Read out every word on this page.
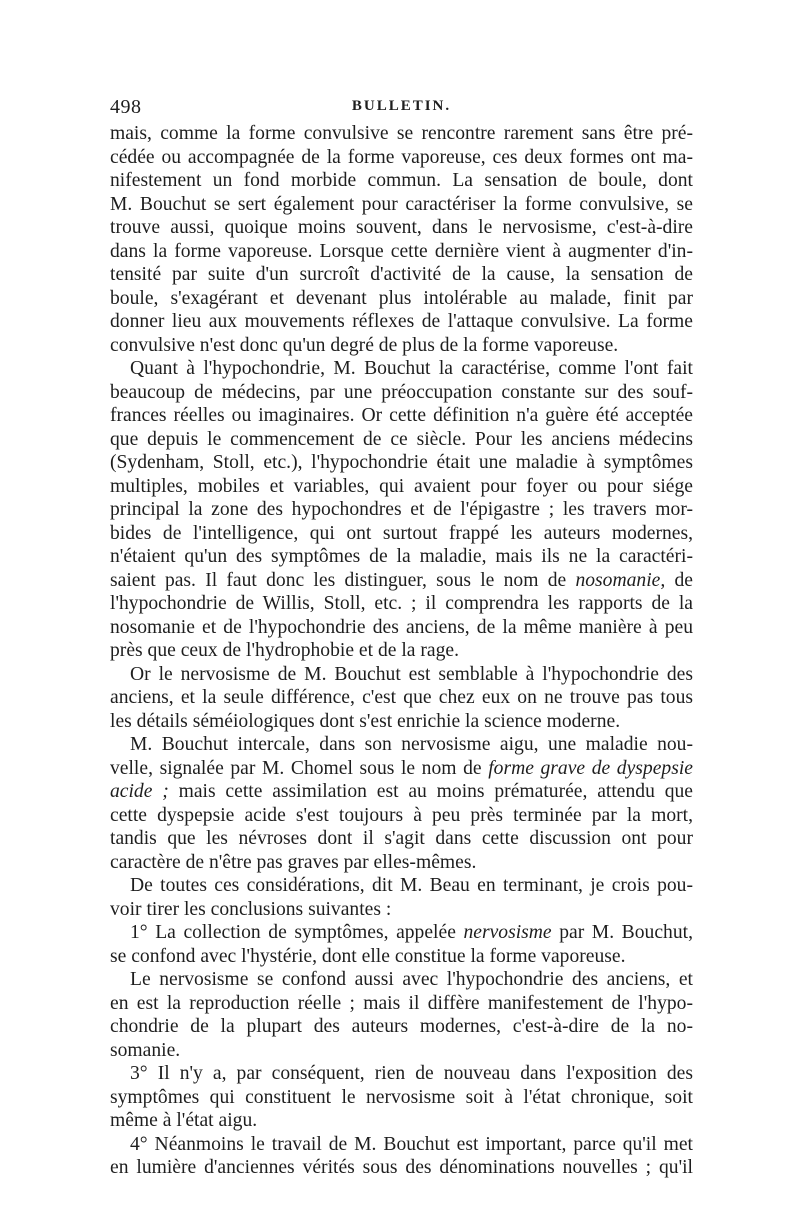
498	BULLETIN.
mais, comme la forme convulsive se rencontre rarement sans être pré-
cédée ou accompagnée de la forme vaporeuse, ces deux formes ont ma-
nifestement un fond morbide commun. La sensation de boule, dont
M. Bouchut se sert également pour caractériser la forme convulsive, se
trouve aussi, quoique moins souvent, dans le nervosisme, c'est-à-dire
dans la forme vaporeuse. Lorsque cette dernière vient à augmenter d'in-
tensité par suite d'un surcroît d'activité de la cause, la sensation de
boule, s'exagérant et devenant plus intolérable au malade, finit par
donner lieu aux mouvements réflexes de l'attaque convulsive. La forme
convulsive n'est donc qu'un degré de plus de la forme vaporeuse.
Quant à l'hypochondrie, M. Bouchut la caractérise, comme l'ont fait
beaucoup de médecins, par une préoccupation constante sur des souf-
frances réelles ou imaginaires. Or cette définition n'a guère été acceptée
que depuis le commencement de ce siècle. Pour les anciens médecins
(Sydenham, Stoll, etc.), l'hypochondrie était une maladie à symptômes
multiples, mobiles et variables, qui avaient pour foyer ou pour siége
principal la zone des hypochondres et de l'épigastre ; les travers mor-
bides de l'intelligence, qui ont surtout frappé les auteurs modernes,
n'étaient qu'un des symptômes de la maladie, mais ils ne la caractéri-
saient pas. Il faut donc les distinguer, sous le nom de nosomanie, de
l'hypochondrie de Willis, Stoll, etc. ; il comprendra les rapports de la
nosomanie et de l'hypochondrie des anciens, de la même manière à peu
près que ceux de l'hydrophobie et de la rage.
Or le nervosisme de M. Bouchut est semblable à l'hypochondrie des
anciens, et la seule différence, c'est que chez eux on ne trouve pas tous
les détails séméiologiques dont s'est enrichie la science moderne.
M. Bouchut intercale, dans son nervosisme aigu, une maladie nou-
velle, signalée par M. Chomel sous le nom de forme grave de dyspepsie
acide ; mais cette assimilation est au moins prématurée, attendu que
cette dyspepsie acide s'est toujours à peu près terminée par la mort,
tandis que les névroses dont il s'agit dans cette discussion ont pour
caractère de n'être pas graves par elles-mêmes.
De toutes ces considérations, dit M. Beau en terminant, je crois pou-
voir tirer les conclusions suivantes :
1° La collection de symptômes, appelée nervosisme par M. Bouchut,
se confond avec l'hystérie, dont elle constitue la forme vaporeuse.
Le nervosisme se confond aussi avec l'hypochondrie des anciens, et
en est la reproduction réelle ; mais il diffère manifestement de l'hypo-
chondrie de la plupart des auteurs modernes, c'est-à-dire de la no-
somanie.
3° Il n'y a, par conséquent, rien de nouveau dans l'exposition des
symptômes qui constituent le nervosisme soit à l'état chronique, soit
même à l'état aigu.
4° Néanmoins le travail de M. Bouchut est important, parce qu'il met
en lumière d'anciennes vérités sous des dénominations nouvelles ; qu'il
